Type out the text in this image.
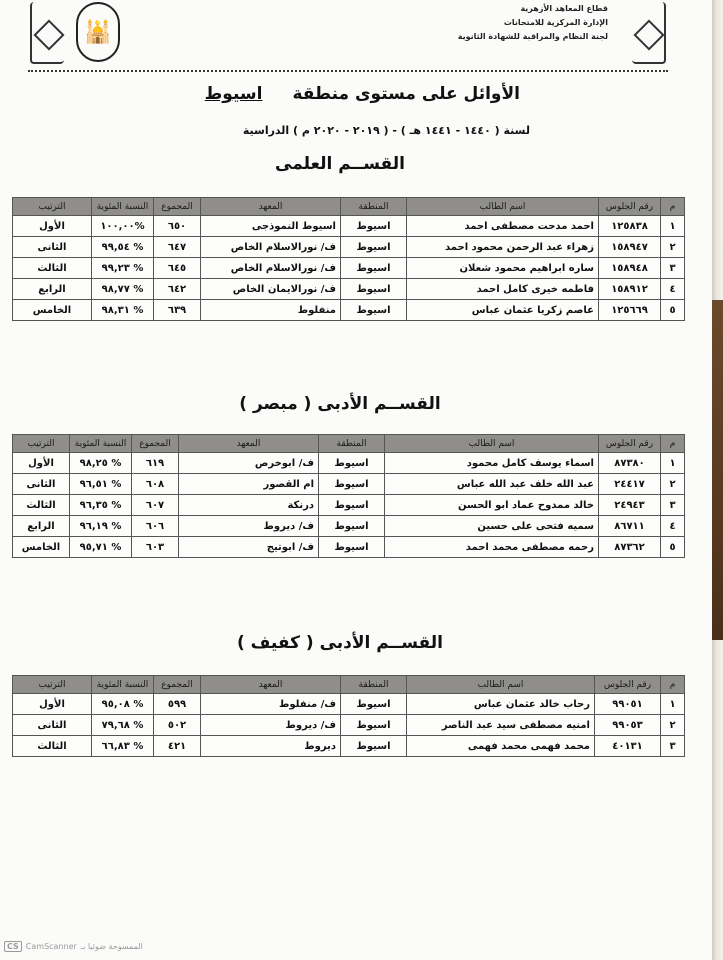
🕌
قطاع المعاهد الأزهرية
الإدارة المركزية للامتحانات
لجنة النظام والمراقبة للشهادة الثانوية
الأوائل على مستوى منطقة
اسيوط
لسنة ( ١٤٤٠ - ١٤٤١ هـ ) - ( ٢٠١٩ - ٢٠٢٠ م ) الدراسية
القســم العلمى
م	رقم الجلوس	اسم الطالب	المنطقة	المعهد	المجموع	النسبة المئوية	الترتيب
١	١٢٥٨٣٨	احمد مدحت مصطفى احمد	اسيوط	اسيوط النموذجى	٦٥٠	%١٠٠,٠٠	الأول
٢	١٥٨٩٤٧	زهراء عبد الرحمن محمود احمد	اسيوط	ف/ نورالاسلام الخاص	٦٤٧	% ٩٩,٥٤	الثانى
٣	١٥٨٩٤٨	ساره ابراهيم محمود شعلان	اسيوط	ف/ نورالاسلام الخاص	٦٤٥	% ٩٩,٢٣	الثالث
٤	١٥٨٩١٢	فاطمه خيرى كامل احمد	اسيوط	ف/ نورالايمان الخاص	٦٤٢	% ٩٨,٧٧	الرابع
٥	١٢٥٦٦٩	عاصم زكريا عثمان عباس	اسيوط	منفلوط	٦٣٩	% ٩٨,٣١	الخامس
القســم الأدبى ( مبصر )
م	رقم الجلوس	اسم الطالب	المنطقة	المعهد	المجموع	النسبة المئوية	الترتيب
١	٨٧٣٨٠	اسماء يوسف كامل محمود	اسيوط	ف/ ابوخرص	٦١٩	% ٩٨,٢٥	الأول
٢	٢٤٤١٧	عبد الله خلف عبد الله عباس	اسيوط	ام القصور	٦٠٨	% ٩٦,٥١	الثانى
٣	٢٤٩٤٣	خالد ممدوح عماد ابو الحسن	اسيوط	درنكة	٦٠٧	% ٩٦,٣٥	الثالث
٤	٨٦٧١١	سميه فتحى على حسين	اسيوط	ف/ ديروط	٦٠٦	% ٩٦,١٩	الرابع
٥	٨٧٣٦٢	رحمه مصطفى محمد احمد	اسيوط	ف/ ابوتيج	٦٠٣	% ٩٥,٧١	الخامس
القســم الأدبى ( كفيف )
م	رقم الجلوس	اسم الطالب	المنطقة	المعهد	المجموع	النسبة المئوية	الترتيب
١	٩٩٠٥١	رحاب خالد عثمان عباس	اسيوط	ف/ منفلوط	٥٩٩	% ٩٥,٠٨	الأول
٢	٩٩٠٥٣	امنيه مصطفى سيد عبد الناصر	اسيوط	ف/ ديروط	٥٠٢	% ٧٩,٦٨	الثانى
٣	٤٠١٣١	محمد فهمى محمد فهمى	اسيوط	ديروط	٤٢١	% ٦٦,٨٣	الثالث
CS CamScanner الممسوحة ضوئيا بـ
